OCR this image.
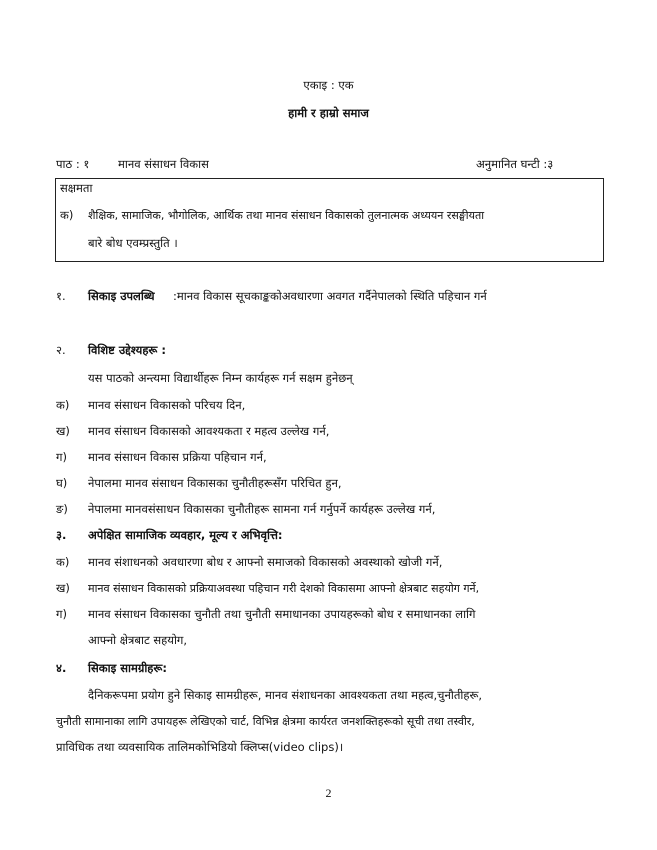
एकाइ : एक
हामी र हाम्रो समाज
पाठ : १ मानव संसाधन विकास	अनुमानित घन्टी :३
सक्षमता
क) शैक्षिक, सामाजिक, भौगोलिक, आर्थिक तथा मानव संसाधन विकासको तुलनात्मक अध्ययन रसङ्घीयता
बारे बोध एवम्प्रस्तुति ।
१. सिकाइ उपलब्धि :मानव विकास सूचकाङ्ककोअवधारणा अवगत गर्दैनेपालको स्थिति पहिचान गर्न
२. विशिष्ट उद्देश्यहरू :
यस पाठको अन्त्यमा विद्यार्थीहरू निम्न कार्यहरू गर्न सक्षम हुनेछन्
क) मानव संसाधन विकासको परिचय दिन,
ख) मानव संसाधन विकासको आवश्यकता र महत्व उल्लेख गर्न,
ग) मानव संसाधन विकास प्रक्रिया पहिचान गर्न,
घ) नेपालमा मानव संसाधन विकासका चुनौतीहरूसँग परिचित हुन,
ङ) नेपालमा मानवसंसाधन विकासका चुनौतीहरू सामना गर्न गर्नुपर्ने कार्यहरू उल्लेख गर्न,
३. अपेक्षित सामाजिक व्यवहार, मूल्य र अभिवृत्ति:
क) मानव संशाधनको अवधारणा बोध र आफ्नो समाजको विकासको अवस्थाको खोजी गर्ने,
ख) मानव संसाधन विकासको प्रक्रियाअवस्था पहिचान गरी देशको विकासमा आफ्नो क्षेत्रबाट सहयोग गर्ने,
ग) मानव संसाधन विकासका चुनौती तथा चुनौती समाधानका उपायहरूको बोध र समाधानका लागि
आफ्नो क्षेत्रबाट सहयोग,
४. सिकाइ सामग्रीहरू:
दैनिकरूपमा प्रयोग हुने सिकाइ सामग्रीहरू, मानव संशाधनका आवश्यकता तथा महत्व,चुनौतीहरू,
चुनौती सामानाका लागि उपायहरू लेखिएको चार्ट, विभिन्न क्षेत्रमा कार्यरत जनशक्तिहरूको सूची तथा तस्वीर,
प्राविधिक तथा व्यवसायिक तालिमकोभिडियो क्लिप्स(video clips)।
2
